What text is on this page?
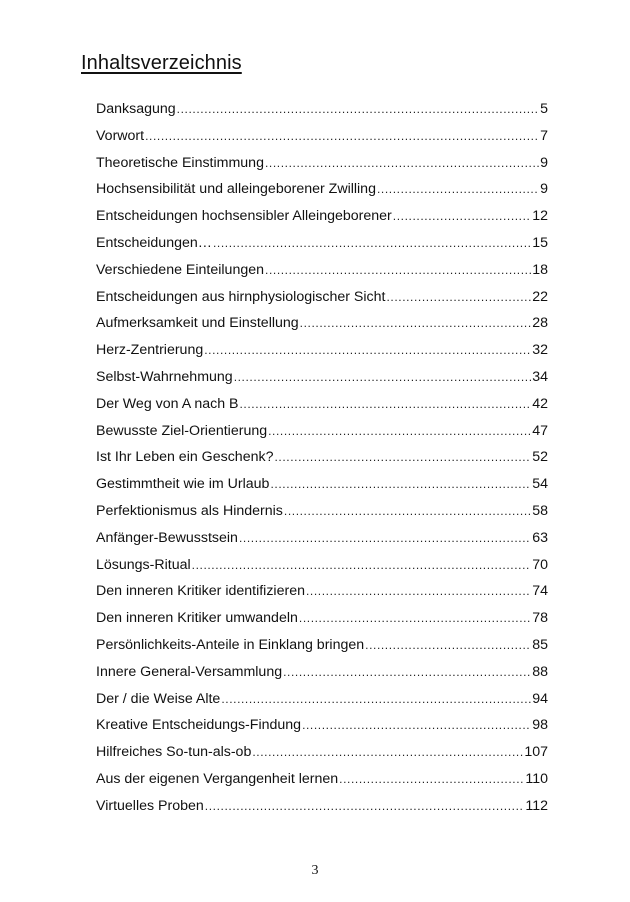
Inhaltsverzeichnis
Danksagung .....	5
Vorwort .....	7
Theoretische Einstimmung .....	9
Hochsensibilität und alleingeborener Zwilling .....	9
Entscheidungen hochsensibler Alleingeborener .....	12
Entscheidungen… .....	15
Verschiedene Einteilungen .....	18
Entscheidungen aus hirnphysiologischer Sicht .....	22
Aufmerksamkeit und Einstellung .....	28
Herz-Zentrierung .....	32
Selbst-Wahrnehmung .....	34
Der Weg von A nach B .....	42
Bewusste Ziel-Orientierung .....	47
Ist Ihr Leben ein Geschenk? .....	52
Gestimmtheit wie im Urlaub .....	54
Perfektionismus als Hindernis .....	58
Anfänger-Bewusstsein .....	63
Lösungs-Ritual .....	70
Den inneren Kritiker identifizieren .....	74
Den inneren Kritiker umwandeln .....	78
Persönlichkeits-Anteile in Einklang bringen .....	85
Innere General-Versammlung .....	88
Der / die Weise Alte .....	94
Kreative Entscheidungs-Findung .....	98
Hilfreiches So-tun-als-ob .....	107
Aus der eigenen Vergangenheit lernen .....	110
Virtuelles Proben .....	112
3
